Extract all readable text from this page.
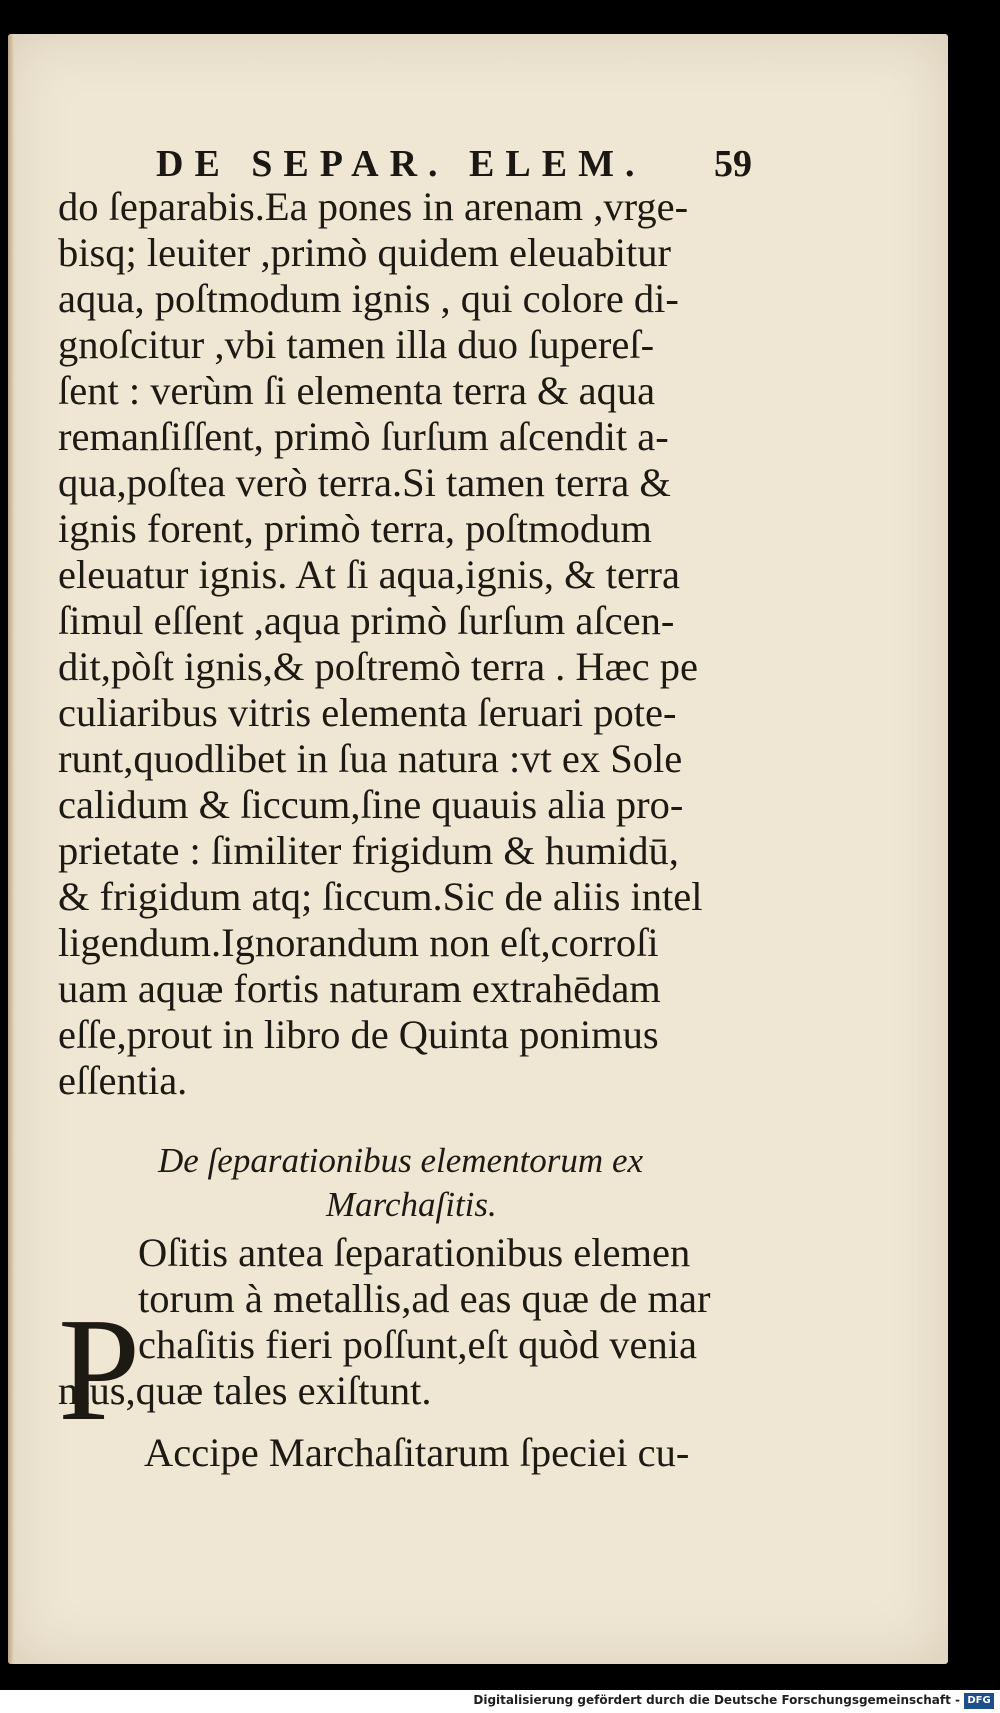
DE SEPAR. ELEM. 59
do ſeparabis.Ea pones in arenam ,vrge-
bisq; leuiter ,primò quidem eleuabitur
aqua, poſtmodum ignis , qui colore di-
gnoſcitur ,vbi tamen illa duo ſupereſ-
ſent : verùm ſi elementa terra & aqua
remanſiſſent, primò ſurſum aſcendit a-
qua,poſtea verò terra.Si tamen terra &
ignis forent, primò terra, poſtmodum
eleuatur ignis. At ſi aqua,ignis, & terra
ſimul eſſent ,aqua primò ſurſum aſcen-
dit,pòſt ignis,& poſtremò terra . Hæc pe
culiaribus vitris elementa ſeruari pote-
runt,quodlibet in ſua natura :vt ex Sole
calidum & ſiccum,ſine quauis alia pro-
prietate : ſimiliter frigidum & humidū,
& frigidum atq; ſiccum.Sic de aliis intel
ligendum.Ignorandum non eſt,corroſi
uam aquæ fortis naturam extrahēdam
eſſe,prout in libro de Quinta ponimus
eſſentia.
De ſeparationibus elementorum ex
Marchaſitis.
P
Oſitis antea ſeparationibus elemen
torum à metallis,ad eas quæ de mar
chaſitis fieri poſſunt,eſt quòd venia
mus,quæ tales exiſtunt.
Accipe Marchaſitarum ſpeciei cu-
Digitalisierung gefördert durch die Deutsche Forschungsgemeinschaft - DFG
